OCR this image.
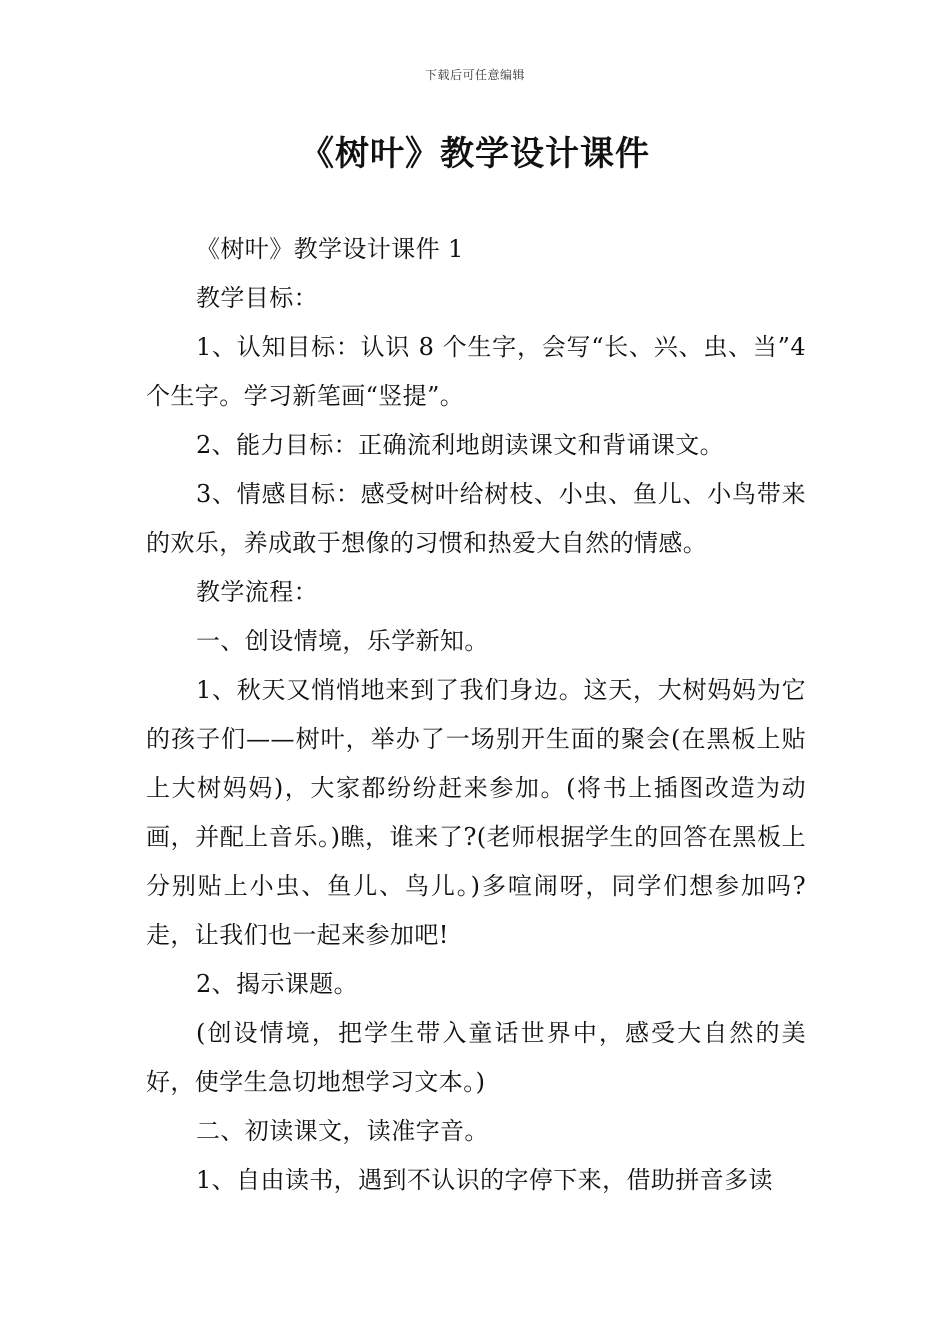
下载后可任意编辑
《树叶》教学设计课件

《树叶》教学设计课件 1

教学目标：

1、认知目标：认识 8 个生字，会写“长、兴、虫、当”4 个生字。学习新笔画“竖提”。

2、能力目标：正确流利地朗读课文和背诵课文。

3、情感目标：感受树叶给树枝、小虫、鱼儿、小鸟带来的欢乐，养成敢于想像的习惯和热爱大自然的情感。

教学流程：

一、创设情境，乐学新知。

1、秋天又悄悄地来到了我们身边。这天，大树妈妈为它的孩子们——树叶，举办了一场别开生面的聚会(在黑板上贴上大树妈妈)，大家都纷纷赶来参加。(将书上插图改造为动画，并配上音乐。)瞧，谁来了?(老师根据学生的回答在黑板上分别贴上小虫、鱼儿、鸟儿。)多喧闹呀，同学们想参加吗?走，让我们也一起来参加吧!

2、揭示课题。

(创设情境，把学生带入童话世界中，感受大自然的美好，使学生急切地想学习文本。)

二、初读课文，读准字音。

1、自由读书，遇到不认识的字停下来，借助拼音多读
